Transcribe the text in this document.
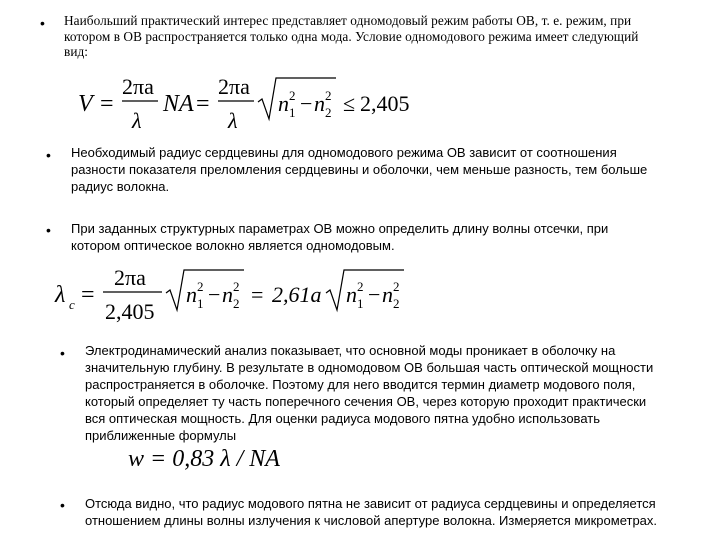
• Наибольший практический интерес представляет одномодовый режим работы ОВ, т. е. режим, при
котором в ОВ распространяется только одна мода. Условие одномодового режима имеет следующий
вид:
V =
2πa
λ
NA =
2πa
λ
n 2
1 − n 2
2 ≤ 2,405
• Необходимый радиус сердцевины для одномодового режима ОВ зависит от соотношения
разности показателя преломления сердцевины и оболочки, чем меньше разность, тем больше
радиус волокна.
• При заданных структурных параметрах ОВ можно определить длину волны отсечки, при
котором оптическое волокно является одномодовым.
λ c =
2πa
2,405
n 2
1 − n 2
2 = 2,61a n 2
1 − n 2
2
• Электродинамический анализ показывает, что основной моды проникает в оболочку на
значительную глубину. В результате в одномодовом ОВ большая часть оптической мощности
распространяется в оболочке. Поэтому для него вводится термин диаметр модового поля,
который определяет ту часть поперечного сечения ОВ, через которую проходит практически
вся оптическая мощность. Для оценки радиуса модового пятна удобно использовать
приближенные формулы
w = 0,83 λ / NA
• Отсюда видно, что радиус модового пятна не зависит от радиуса сердцевины и определяется
отношением длины волны излучения к числовой апертуре волокна. Измеряется микрометрах.
